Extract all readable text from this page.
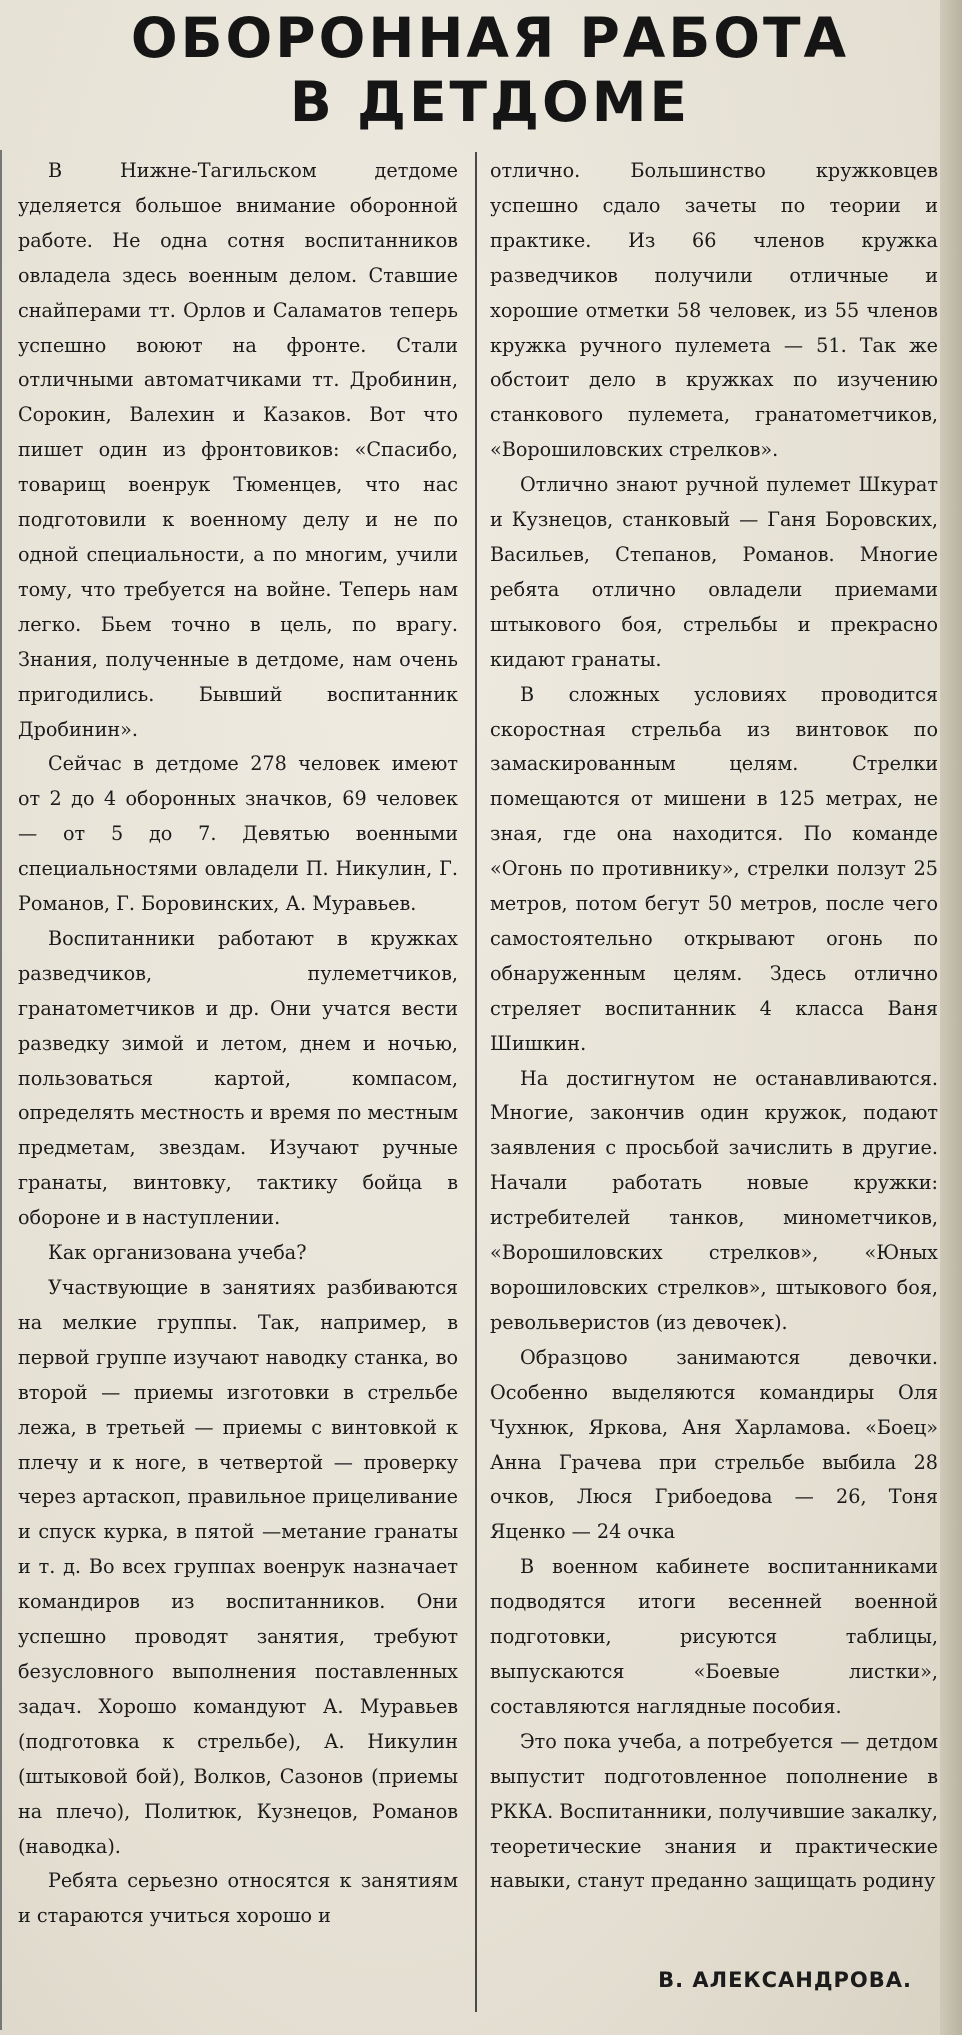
ОБОРОННАЯ РАБОТА
В ДЕТДОМЕ

В Нижне-Тагильском детдоме уделяется большое внимание оборонной работе. Не одна сотня воспитанников овладела здесь военным делом. Ставшие снайперами тт. Орлов и Саламатов теперь успешно воюют на фронте. Стали отличными автоматчиками тт. Дробинин, Сорокин, Валехин и Казаков. Вот что пишет один из фронтовиков: «Спасибо, товарищ военрук Тюменцев, что нас подготовили к военному делу и не по одной специальности, а по многим, учили тому, что требуется на войне. Теперь нам легко. Бьем точно в цель, по врагу. Знания, полученные в детдоме, нам очень пригодились. Бывший воспитанник Дробинин».

Сейчас в детдоме 278 человек имеют от 2 до 4 оборонных значков, 69 человек — от 5 до 7. Девятью военными специальностями овладели П. Никулин, Г. Романов, Г. Боровинских, А. Муравьев.

Воспитанники работают в кружках разведчиков, пулеметчиков, гранатометчиков и др. Они учатся вести разведку зимой и летом, днем и ночью, пользоваться картой, компасом, определять местность и время по местным предметам, звездам. Изучают ручные гранаты, винтовку, тактику бойца в обороне и в наступлении.

Как организована учеба?

Участвующие в занятиях разбиваются на мелкие группы. Так, например, в первой группе изучают наводку станка, во второй — приемы изготовки в стрельбе лежа, в третьей — приемы с винтовкой к плечу и к ноге, в четвертой — проверку через артаскоп, правильное прицеливание и спуск курка, в пятой —метание гранаты и т. д. Во всех группах военрук назначает командиров из воспитанников. Они успешно проводят занятия, требуют безусловного выполнения поставленных задач. Хорошо командуют А. Муравьев (подготовка к стрельбе), А. Никулин (штыковой бой), Волков, Сазонов (приемы на плечо), Политюк, Кузнецов, Романов (наводка).

Ребята серьезно относятся к занятиям и стараются учиться хорошо и

отлично. Большинство кружковцев успешно сдало зачеты по теории и практике. Из 66 членов кружка разведчиков получили отличные и хорошие отметки 58 человек, из 55 членов кружка ручного пулемета — 51. Так же обстоит дело в кружках по изучению станкового пулемета, гранатометчиков, «Ворошиловских стрелков».

Отлично знают ручной пулемет Шкурат и Кузнецов, станковый — Ганя Боровских, Васильев, Степанов, Романов. Многие ребята отлично овладели приемами штыкового боя, стрельбы и прекрасно кидают гранаты.

В сложных условиях проводится скоростная стрельба из винтовок по замаскированным целям. Стрелки помещаются от мишени в 125 метрах, не зная, где она находится. По команде «Огонь по противнику», стрелки ползут 25 метров, потом бегут 50 метров, после чего самостоятельно открывают огонь по обнаруженным целям. Здесь отлично стреляет воспитанник 4 класса Ваня Шишкин.

На достигнутом не останавливаются. Многие, закончив один кружок, подают заявления с просьбой зачислить в другие. Начали работать новые кружки: истребителей танков, минометчиков, «Ворошиловских стрелков», «Юных ворошиловских стрелков», штыкового боя, револьверистов (из девочек).

Образцово занимаются девочки. Особенно выделяются командиры Оля Чухнюк, Яркова, Аня Харламова. «Боец» Анна Грачева при стрельбе выбила 28 очков, Люся Грибоедова — 26, Тоня Яценко — 24 очка

В военном кабинете воспитанниками подводятся итоги весенней военной подготовки, рисуются таблицы, выпускаются «Боевые листки», составляются наглядные пособия.

Это пока учеба, а потребуется — детдом выпустит подготовленное пополнение в РККА. Воспитанники, получившие закалку, теоретические знания и практические навыки, станут преданно защищать родину

В. АЛЕКСАНДРОВА.
